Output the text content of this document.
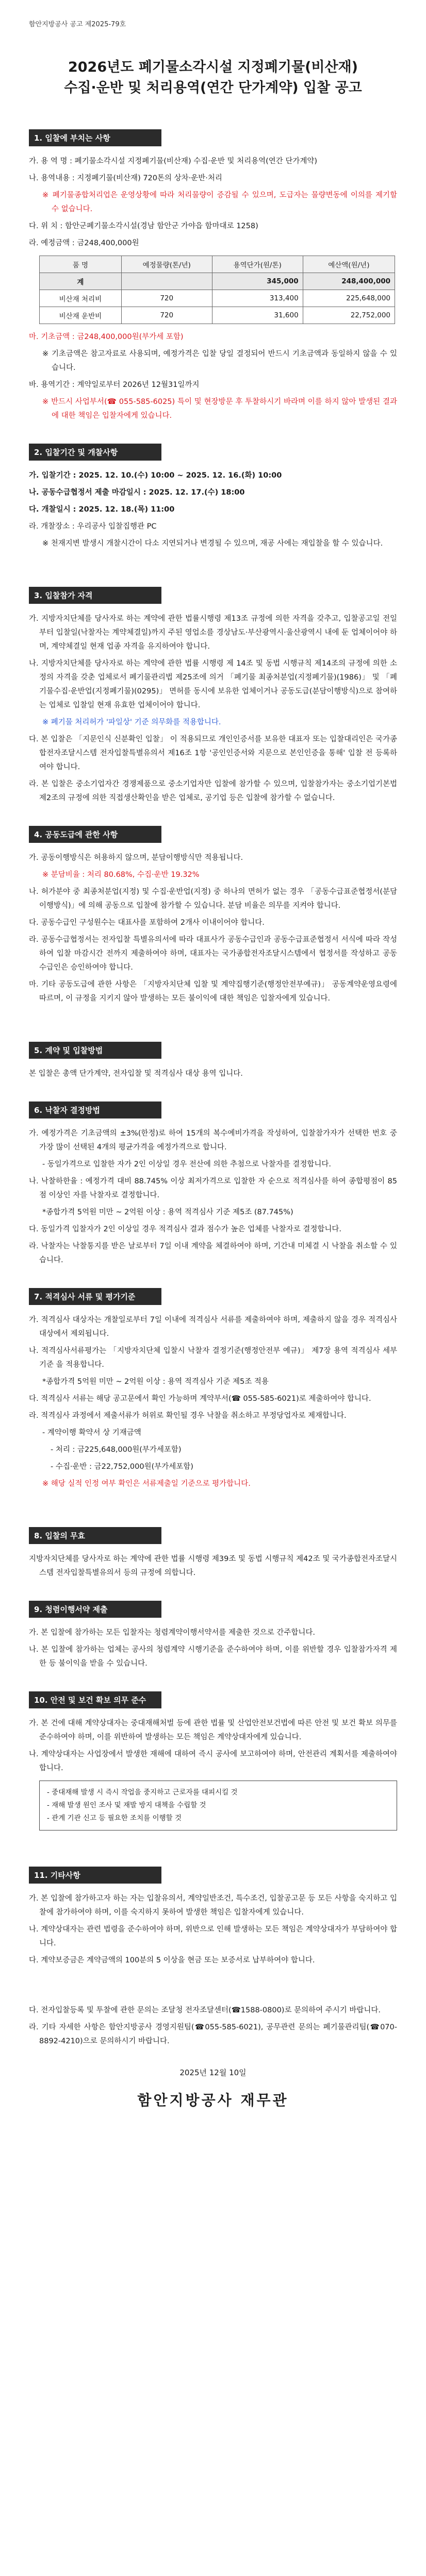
함안지방공사 공고 제2025-79호
2026년도 폐기물소각시설 지정폐기물(비산재)
수집·운반 및 처리용역(연간 단가계약) 입찰 공고
1. 입찰에 부치는 사항

가. 용 역 명 : 폐기물소각시설 지정폐기물(비산재) 수집·운반 및 처리용역(연간 단가계약)

나. 용역내용 : 지정폐기물(비산재) 720톤의 상차·운반·처리

※ 폐기물종합처리업은 운영상황에 따라 처리물량이 증감될 수 있으며, 도급자는 물량변동에 이의를 제기할 수 없습니다.

다. 위 치 : 함안군폐기물소각시설(경남 함안군 가야읍 함마대로 1258)

라. 예정금액 : 금248,400,000원

품 명	예정물량(톤/년)	용역단가(원/톤)	예산액(원/년)
계		345,000	248,400,000
비산재 처리비	720	313,400	225,648,000
비산재 운반비	720	31,600	22,752,000

마. 기초금액 : 금248,400,000원(부가세 포함)

※ 기초금액은 참고자료로 사용되며, 예정가격은 입찰 당일 결정되어 반드시 기초금액과 동일하지 않을 수 있습니다.

바. 용역기간 : 계약일로부터 2026년 12월31일까지

※ 반드시 사업부서(☎ 055-585-6025) 특이 및 현장방문 후 투찰하시기 바라며 이를 하지 않아 발생된 결과에 대한 책임은 입찰자에게 있습니다.

2. 입찰기간 및 개찰사항

가. 입찰기간 : 2025. 12. 10.(수) 10:00 ~ 2025. 12. 16.(화) 10:00

나. 공동수급협정서 제출 마감일시 : 2025. 12. 17.(수) 18:00

다. 개찰일시 : 2025. 12. 18.(목) 11:00

라. 개찰장소 : 우리공사 입찰집행관 PC

※ 천재지변 발생시 개찰시간이 다소 지연되거나 변경될 수 있으며, 재공 사에는 재입찰을 할 수 있습니다.

3. 입찰참가 자격

가. 지방자치단체를 당사자로 하는 계약에 관한 법률시행령 제13조 규정에 의한 자격을 갖추고, 입찰공고일 전일부터 입찰일(낙찰자는 계약체결일)까지 주된 영업소를 경상남도·부산광역시·울산광역시 내에 둔 업체이어야 하며, 계약체결일 현재 업종 자격을 유지하여야 합니다.

나. 지방자치단체를 당사자로 하는 계약에 관한 법률 시행령 제 14조 및 동법 시행규칙 제14조의 규정에 의한 소정의 자격을 갖춘 업체로서 폐기물관리법 제25조에 의거 「폐기물 최종처분업(지정폐기물)(1986)」 및 「폐기물수집·운반업(지정폐기물)(0295)」 면허를 동시에 보유한 업체이거나 공동도급(분담이행방식)으로 참여하는 업체로 입찰일 현재 유효한 업체이어야 합니다.

※ 폐기물 처리허가 '파일상' 기준 의무화를 적용합니다.

다. 본 입찰은 「지문인식 신분확인 입찰」 이 적용되므로 개인인증서를 보유한 대표자 또는 입찰대리인은 국가종합전자조달시스템 전자입찰특별유의서 제16조 1항 '공인인증서와 지문으로 본인인증을 통해' 입찰 전 등록하여야 합니다.

라. 본 입찰은 중소기업자간 경쟁제품으로 중소기업자만 입찰에 참가할 수 있으며, 입찰참가자는 중소기업기본법 제2조의 규정에 의한 직접생산확인을 받은 업체로, 공기업 등은 입찰에 참가할 수 없습니다.

4. 공동도급에 관한 사항

가. 공동이행방식은 허용하지 않으며, 분담이행방식만 적용됩니다.

※ 분담비율 : 처리 80.68%, 수집·운반 19.32%

나. 허가분야 중 최종처분업(지정) 및 수집·운반업(지정) 중 하나의 면허가 없는 경우 「공동수급표준협정서(분담이행방식)」에 의해 공동으로 입찰에 참가할 수 있습니다. 분담 비율은 의무를 지켜야 합니다.

다. 공동수급인 구성원수는 대표사를 포함하여 2개사 이내이어야 합니다.

라. 공동수급협정서는 전자입찰 특별유의서에 따라 대표사가 공동수급인과 공동수급표준협정서 서식에 따라 작성하여 입찰 마감시간 전까지 제출하여야 하며, 대표자는 국가종합전자조달시스템에서 협정서를 작성하고 공동수급인은 승인하여야 합니다.

마. 기타 공동도급에 관한 사항은 「지방자치단체 입찰 및 계약집행기준(행정안전부예규)」 공동계약운영요령에 따르며, 이 규정을 지키지 않아 발생하는 모든 불이익에 대한 책임은 입찰자에게 있습니다.

5. 계약 및 입찰방법

본 입찰은 총액 단가계약, 전자입찰 및 적격심사 대상 용역 입니다.

6. 낙찰자 결정방법

가. 예정가격은 기초금액의 ±3%(한정)로 하여 15개의 복수예비가격을 작성하여, 입찰참가자가 선택한 번호 중 가장 많이 선택된 4개의 평균가격을 예정가격으로 합니다.

- 동일가격으로 입찰한 자가 2인 이상일 경우 전산에 의한 추첨으로 낙찰자를 결정합니다.

나. 낙찰하한율 : 예정가격 대비 88.745% 이상 최저가격으로 입찰한 자 순으로 적격심사를 하여 종합평점이 85점 이상인 자를 낙찰자로 결정합니다.

*종합가격 5억원 미만 ~ 2억원 이상 : 용역 적격심사 기준 제5조 (87.745%)

다. 동일가격 입찰자가 2인 이상일 경우 적격심사 결과 점수가 높은 업체를 낙찰자로 결정합니다.

라. 낙찰자는 낙찰통지를 받은 날로부터 7일 이내 계약을 체결하여야 하며, 기간내 미체결 시 낙찰을 취소할 수 있습니다.

7. 적격심사 서류 및 평가기준

가. 적격심사 대상자는 개찰일로부터 7일 이내에 적격심사 서류를 제출하여야 하며, 제출하지 않을 경우 적격심사 대상에서 제외됩니다.

나. 적격심사서류평가는 「지방자치단체 입찰시 낙찰자 결정기준(행정안전부 예규)」 제7장 용역 적격심사 세부기준 을 적용합니다.

*종합가격 5억원 미만 ~ 2억원 이상 : 용역 적격심사 기준 제5조 적용

다. 적격심사 서류는 해당 공고문에서 확인 가능하며 계약부서(☎ 055-585-6021)로 제출하여야 합니다.

라. 적격심사 과정에서 제출서류가 허위로 확인될 경우 낙찰을 취소하고 부정당업자로 제재합니다.

- 계약이행 확약서 상 기재금액

- 처리 : 금225,648,000원(부가세포함)

- 수집·운반 : 금22,752,000원(부가세포함)

※ 해당 실적 인정 여부 확인은 서류제출일 기준으로 평가합니다.

8. 입찰의 무효

지방자치단체를 당사자로 하는 계약에 관한 법률 시행령 제39조 및 동법 시행규칙 제42조 및 국가종합전자조달시스템 전자입찰특별유의서 등의 규정에 의합니다.

9. 청렴이행서약 제출

가. 본 입찰에 참가하는 모든 입찰자는 청렴계약이행서약서를 제출한 것으로 간주합니다.

나. 본 입찰에 참가하는 업체는 공사의 청렴계약 시행기준을 준수하여야 하며, 이를 위반할 경우 입찰참가자격 제한 등 불이익을 받을 수 있습니다.

10. 안전 및 보건 확보 의무 준수

가. 본 건에 대해 계약상대자는 중대재해처벌 등에 관한 법률 및 산업안전보건법에 따른 안전 및 보건 확보 의무를 준수하여야 하며, 이를 위반하여 발생하는 모든 책임은 계약상대자에게 있습니다.

나. 계약상대자는 사업장에서 발생한 재해에 대하여 즉시 공사에 보고하여야 하며, 안전관리 계획서를 제출하여야 합니다.

- 중대재해 발생 시 즉시 작업을 중지하고 근로자를 대피시킬 것
- 재해 발생 원인 조사 및 재발 방지 대책을 수립할 것
- 관계 기관 신고 등 필요한 조치를 이행할 것
11. 기타사항

가. 본 입찰에 참가하고자 하는 자는 입찰유의서, 계약일반조건, 특수조건, 입찰공고문 등 모든 사항을 숙지하고 입찰에 참가하여야 하며, 이를 숙지하지 못하여 발생한 책임은 입찰자에게 있습니다.

나. 계약상대자는 관련 법령을 준수하여야 하며, 위반으로 인해 발생하는 모든 책임은 계약상대자가 부담하여야 합니다.

다. 계약보증금은 계약금액의 100분의 5 이상을 현금 또는 보증서로 납부하여야 합니다.

다. 전자입찰등록 및 투찰에 관한 문의는 조달청 전자조달센터(☎1588-0800)로 문의하여 주시기 바랍니다.

라. 기타 자세한 사항은 함안지방공사 경영지원팀(☎055-585-6021), 공무관련 문의는 폐기물관리팀(☎070-8892-4210)으로 문의하시기 바랍니다.

2025년 12월 10일
함안지방공사 재무관
